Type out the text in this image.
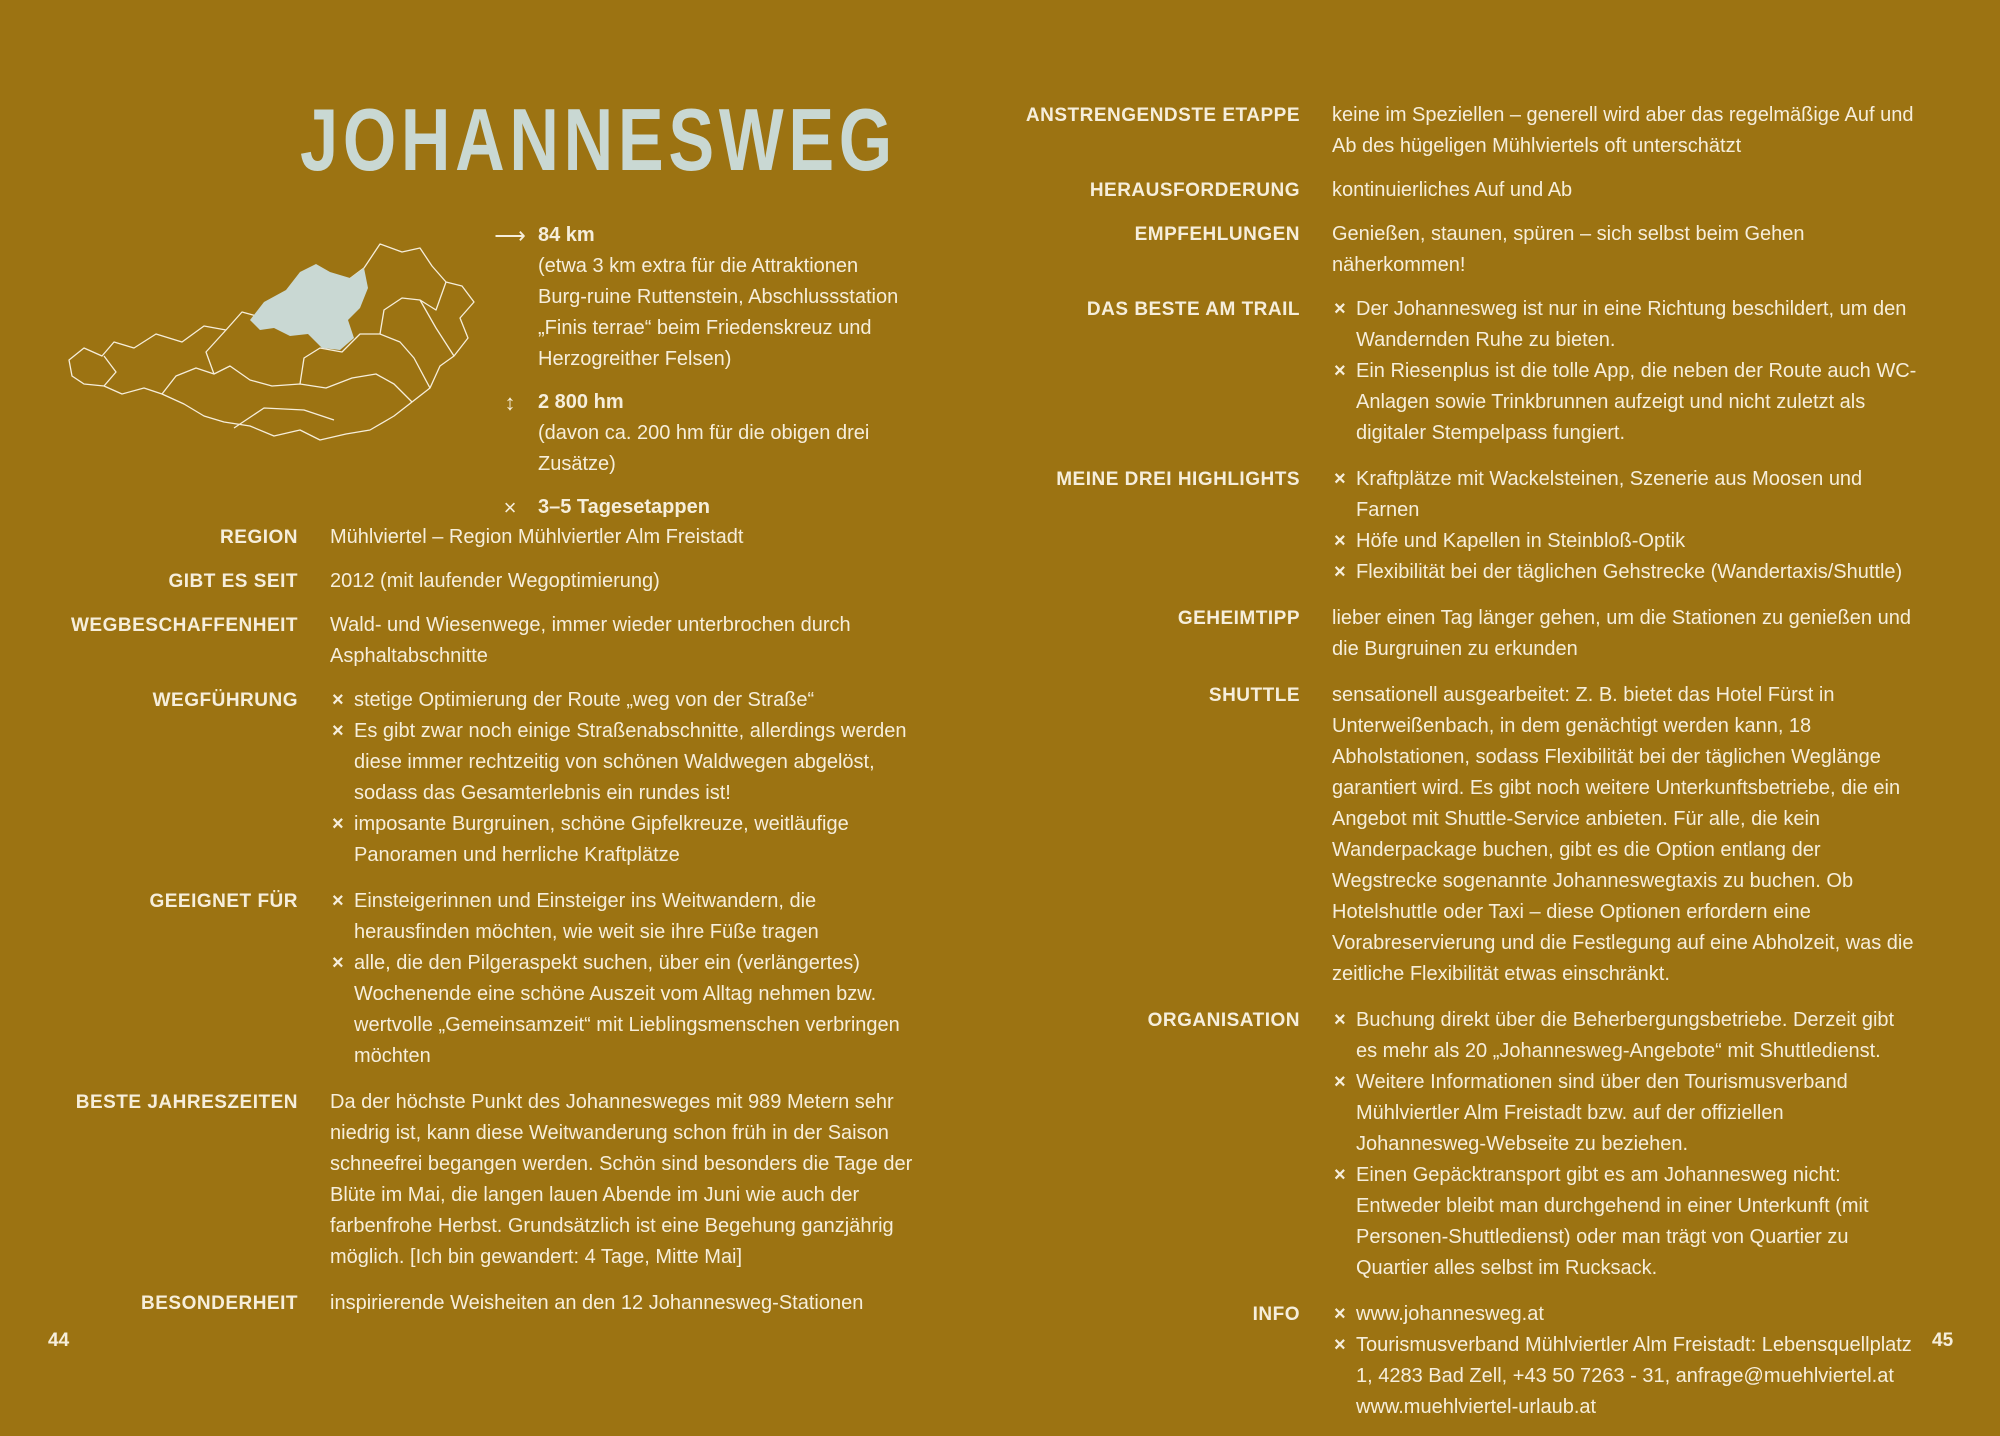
JOHANNESWEG
⟶ 84 km
(etwa 3 km extra für die Attraktionen Burg-ruine Ruttenstein, Abschlussstation „Finis terrae“ beim Friedenskreuz und Herzogreither Felsen)
↕	2 800 hm
(davon ca. 200 hm für die obigen drei Zusätze)
×	3–5 Tagesetappen
REGION Mühlviertel – Region Mühlviertler Alm Freistadt
GIBT ES SEIT 2012 (mit laufender Wegoptimierung)
WEGBESCHAFFENHEIT Wald- und Wiesenwege, immer wieder unterbrochen durch Asphaltabschnitte
WEGFÜHRUNG	× stetige Optimierung der Route „weg von der Straße“
× Es gibt zwar noch einige Straßenabschnitte, allerdings werden diese immer rechtzeitig von schönen Waldwegen abgelöst, sodass das Gesamterlebnis ein rundes ist!
× imposante Burgruinen, schöne Gipfelkreuze, weitläufige Panoramen und herrliche Kraftplätze
GEEIGNET FÜR	× Einsteigerinnen und Einsteiger ins Weitwandern, die herausfinden möchten, wie weit sie ihre Füße tragen
× alle, die den Pilgeraspekt suchen, über ein (verlängertes) Wochenende eine schöne Auszeit vom Alltag nehmen bzw. wertvolle „Gemeinsamzeit“ mit Lieblingsmenschen verbringen möchten
BESTE JAHRESZEITEN Da der höchste Punkt des Johannesweges mit 989 Metern sehr niedrig ist, kann diese Weitwanderung schon früh in der Saison schneefrei begangen werden. Schön sind besonders die Tage der Blüte im Mai, die langen lauen Abende im Juni wie auch der farbenfrohe Herbst. Grundsätzlich ist eine Begehung ganzjährig möglich. [Ich bin gewandert: 4 Tage, Mitte Mai]
BESONDERHEIT inspirierende Weisheiten an den 12 Johannesweg-Stationen
44
ANSTRENGENDSTE ETAPPE keine im Speziellen – generell wird aber das regelmäßige Auf und Ab des hügeligen Mühlviertels oft unterschätzt
HERAUSFORDERUNG kontinuierliches Auf und Ab
EMPFEHLUNGEN Genießen, staunen, spüren – sich selbst beim Gehen näherkommen!
DAS BESTE AM TRAIL	× Der Johannesweg ist nur in eine Richtung beschildert, um den Wandernden Ruhe zu bieten.
× Ein Riesenplus ist die tolle App, die neben der Route auch WC-Anlagen sowie Trinkbrunnen aufzeigt und nicht zuletzt als digitaler Stempelpass fungiert.
MEINE DREI HIGHLIGHTS	× Kraftplätze mit Wackelsteinen, Szenerie aus Moosen und Farnen
× Höfe und Kapellen in Steinbloß-Optik
× Flexibilität bei der täglichen Gehstrecke (Wandertaxis/Shuttle)
GEHEIMTIPP lieber einen Tag länger gehen, um die Stationen zu genießen und die Burgruinen zu erkunden
SHUTTLE sensationell ausgearbeitet: Z. B. bietet das Hotel Fürst in Unterweißenbach, in dem genächtigt werden kann, 18 Abholstationen, sodass Flexibilität bei der täglichen Weglänge garantiert wird. Es gibt noch weitere Unterkunftsbetriebe, die ein Angebot mit Shuttle-Service anbieten. Für alle, die kein Wanderpackage buchen, gibt es die Option entlang der Wegstrecke sogenannte Johanneswegtaxis zu buchen. Ob Hotelshuttle oder Taxi – diese Optionen erfordern eine Vorabreservierung und die Festlegung auf eine Abholzeit, was die zeitliche Flexibilität etwas einschränkt.
ORGANISATION	× Buchung direkt über die Beherbergungsbetriebe. Derzeit gibt es mehr als 20 „Johannesweg-Angebote“ mit Shuttledienst.
× Weitere Informationen sind über den Tourismusverband Mühlviertler Alm Freistadt bzw. auf der offiziellen Johannesweg-Webseite zu beziehen.
× Einen Gepäcktransport gibt es am Johannesweg nicht: Entweder bleibt man durchgehend in einer Unterkunft (mit Personen-Shuttledienst) oder man trägt von Quartier zu Quartier alles selbst im Rucksack.
INFO	× www.johannesweg.at
× Tourismusverband Mühlviertler Alm Freistadt: Lebensquellplatz 1, 4283 Bad Zell, +43 50 7263 - 31, anfrage@muehlviertel.at www.muehlviertel-urlaub.at
45
